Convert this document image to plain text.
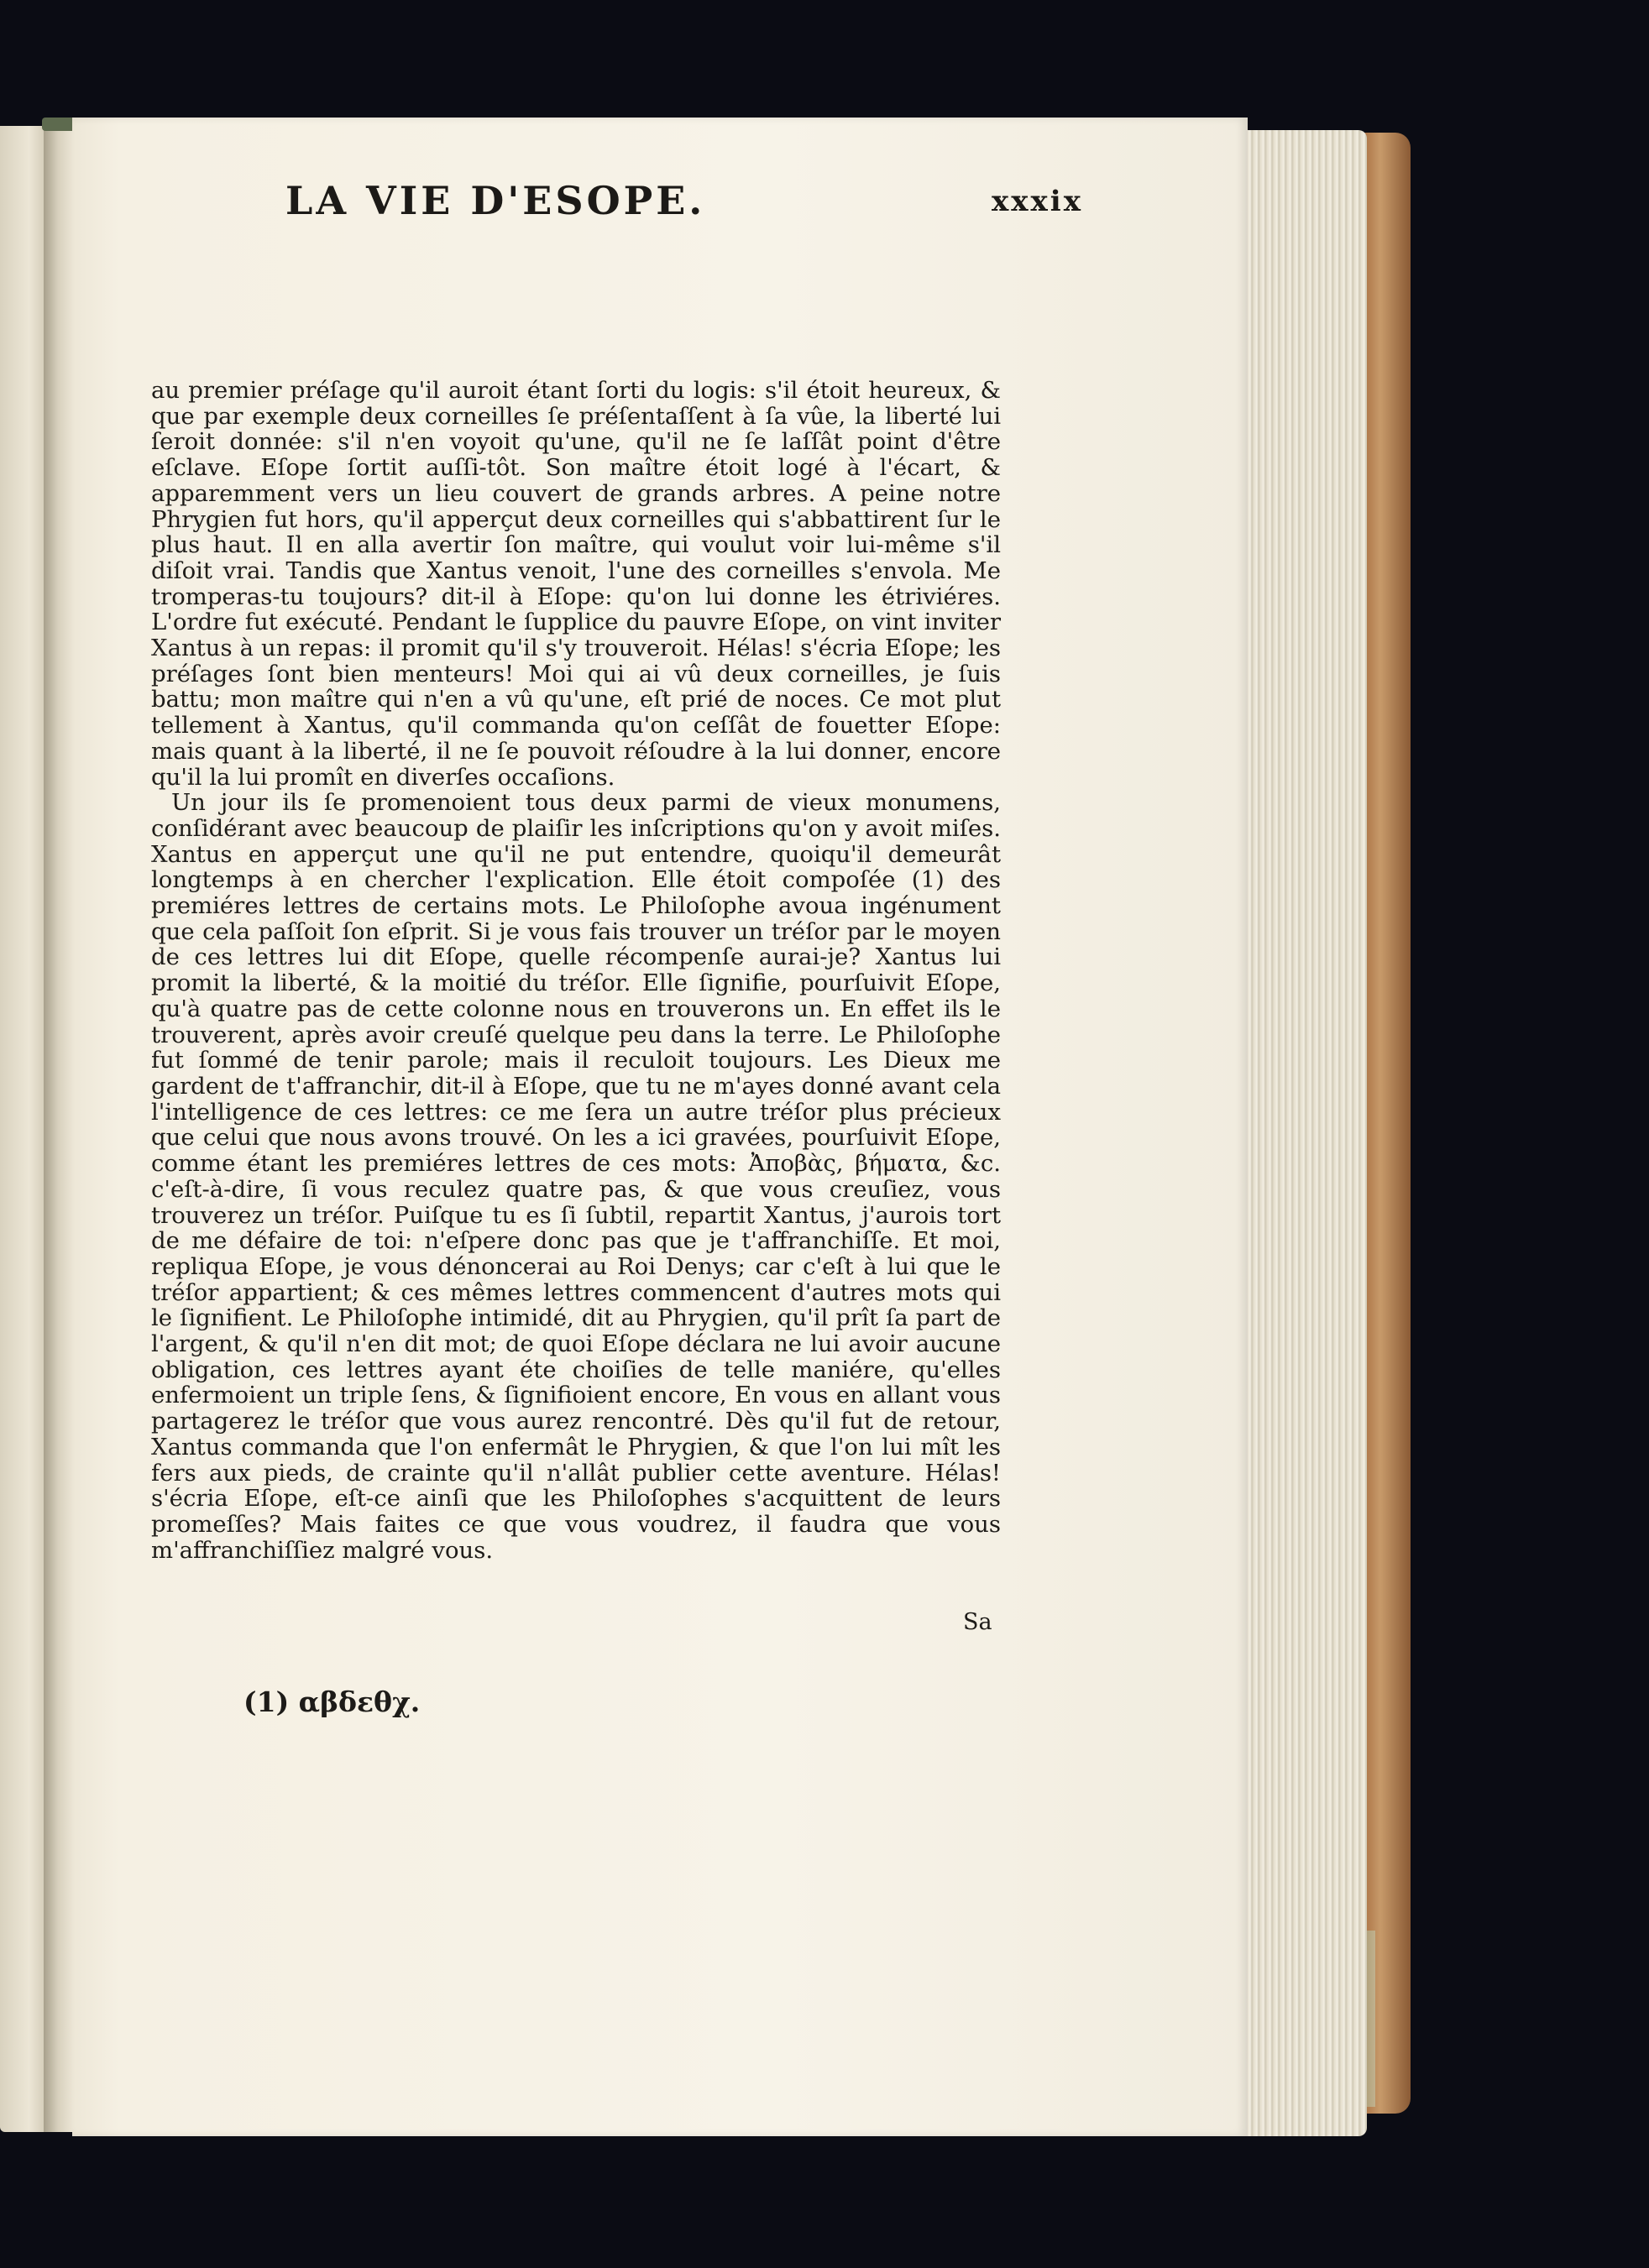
LA VIE D'ESOPE.	xxxix

au premier préſage qu'il auroit étant ſorti du logis: s'il étoit heureux, & que par exemple deux corneilles ſe préſentaſſent à ſa vûe, la liberté lui ſeroit donnée: s'il n'en voyoit qu'une, qu'il ne ſe laſſât point d'être eſclave. Eſope ſortit auſſi-tôt. Son maître étoit logé à l'écart, & apparemment vers un lieu couvert de grands arbres. A peine notre Phrygien fut hors, qu'il apperçut deux corneilles qui s'abbattirent ſur le plus haut. Il en alla avertir ſon maître, qui voulut voir lui-même s'il diſoit vrai. Tandis que Xantus venoit, l'une des corneilles s'envola. Me tromperas-tu toujours? dit-il à Eſope: qu'on lui donne les étriviéres. L'ordre fut exécuté. Pendant le ſupplice du pauvre Eſope, on vint inviter Xantus à un repas: il promit qu'il s'y trouveroit. Hélas! s'écria Eſope; les préſages ſont bien menteurs! Moi qui ai vû deux corneilles, je ſuis battu; mon maître qui n'en a vû qu'une, eſt prié de noces. Ce mot plut tellement à Xantus, qu'il commanda qu'on ceſſât de fouetter Eſope: mais quant à la liberté, il ne ſe pouvoit réſoudre à la lui donner, encore qu'il la lui promît en diverſes occaſions.

Un jour ils ſe promenoient tous deux parmi de vieux monumens, conſidérant avec beaucoup de plaiſir les inſcriptions qu'on y avoit miſes. Xantus en apperçut une qu'il ne put entendre, quoiqu'il demeurât longtemps à en chercher l'explication. Elle étoit compoſée (1) des premiéres lettres de certains mots. Le Philoſophe avoua ingénument que cela paſſoit ſon eſprit. Si je vous fais trouver un tréſor par le moyen de ces lettres lui dit Eſope, quelle récompenſe aurai-je? Xantus lui promit la liberté, & la moitié du tréſor. Elle ſignifie, pourſuivit Eſope, qu'à quatre pas de cette colonne nous en trouverons un. En effet ils le trouverent, après avoir creuſé quelque peu dans la terre. Le Philoſophe fut ſommé de tenir parole; mais il reculoit toujours. Les Dieux me gardent de t'affranchir, dit-il à Eſope, que tu ne m'ayes donné avant cela l'intelligence de ces lettres: ce me ſera un autre tréſor plus précieux que celui que nous avons trouvé. On les a ici gravées, pourſuivit Eſope, comme étant les premiéres lettres de ces mots: Ἀποβὰς, βήματα, &c. c'eſt-à-dire, ſi vous reculez quatre pas, & que vous creuſiez, vous trouverez un tréſor. Puiſque tu es ſi ſubtil, repartit Xantus, j'aurois tort de me défaire de toi: n'eſpere donc pas que je t'affranchiſſe. Et moi, repliqua Eſope, je vous dénoncerai au Roi Denys; car c'eſt à lui que le tréſor appartient; & ces mêmes lettres commencent d'autres mots qui le ſignifient. Le Philoſophe intimidé, dit au Phrygien, qu'il prît ſa part de l'argent, & qu'il n'en dit mot; de quoi Eſope déclara ne lui avoir aucune obligation, ces lettres ayant éte choiſies de telle maniére, qu'elles enfermoient un triple ſens, & ſignifioient encore, En vous en allant vous partagerez le tréſor que vous aurez rencontré. Dès qu'il fut de retour, Xantus commanda que l'on enfermât le Phrygien, & que l'on lui mît les fers aux pieds, de crainte qu'il n'allât publier cette aventure. Hélas! s'écria Eſope, eſt-ce ainſi que les Philoſophes s'acquittent de leurs promeſſes? Mais faites ce que vous voudrez, il faudra que vous m'affranchiſſiez malgré vous.

Sa
(1) αβδεθχ.
